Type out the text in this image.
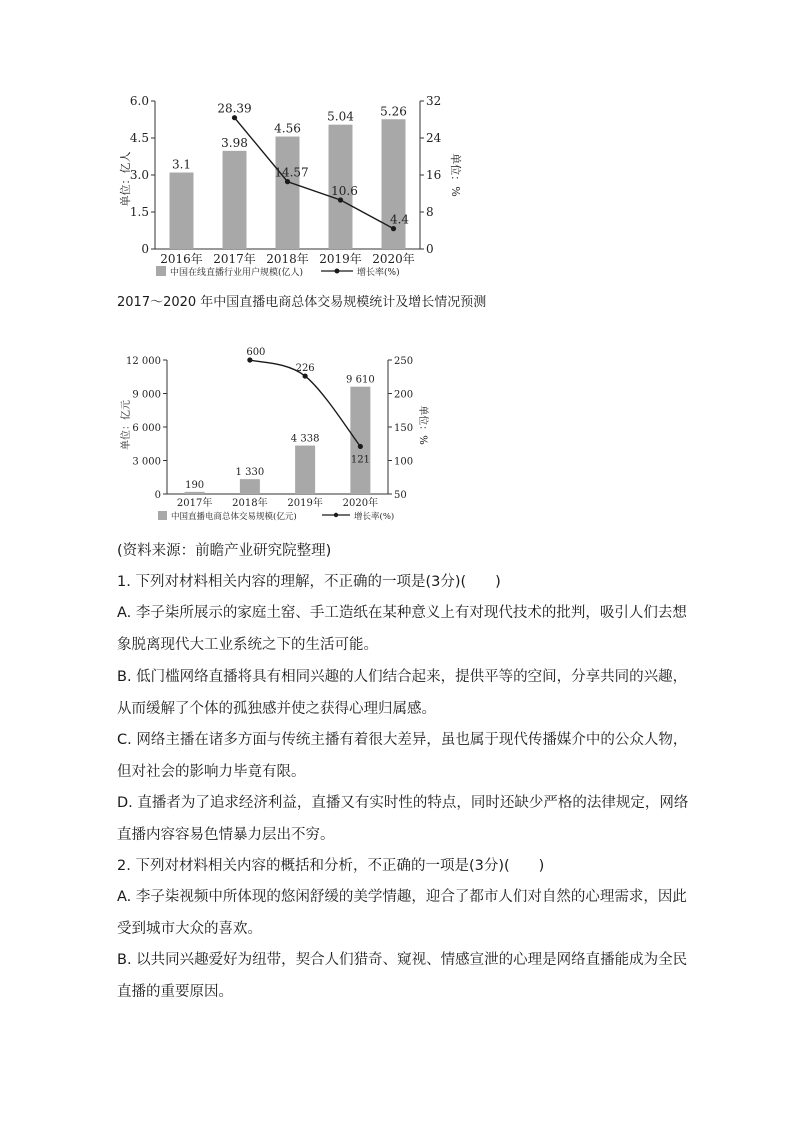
单位：亿人	单位：%
0
1.5
3.0
4.5
6.0
0
8
16
24
32
3.1
3.98
4.56
5.04 5.26
2016年 2017年 2018年 2019年 2020年
28.39
14.57
10.6
4.4
中国在线直播行业用户规模(亿人)	增长率(%)
单位：亿元	单位：%
0
3 000
6 000
9 000
12 000
50
100
150
200
250
190
1 330
4 338
9 610
2017年 2018年 2019年 2020年
600
226
121
中国直播电商总体交易规模(亿元)	增长率(%)
2017～2020 年中国直播电商总体交易规模统计及增长情况预测
(资料来源：前瞻产业研究院整理)
1. 下列对材料相关内容的理解，不正确的一项是(3分)(　　)
A. 李子柒所展示的家庭土窑、手工造纸在某种意义上有对现代技术的批判，吸引人们去想
象脱离现代大工业系统之下的生活可能。
B. 低门槛网络直播将具有相同兴趣的人们结合起来，提供平等的空间，分享共同的兴趣，
从而缓解了个体的孤独感并使之获得心理归属感。
C. 网络主播在诸多方面与传统主播有着很大差异，虽也属于现代传播媒介中的公众人物，
但对社会的影响力毕竟有限。
D. 直播者为了追求经济利益，直播又有实时性的特点，同时还缺少严格的法律规定，网络
直播内容容易色情暴力层出不穷。
2. 下列对材料相关内容的概括和分析，不正确的一项是(3分)(　　)
A. 李子柒视频中所体现的悠闲舒缓的美学情趣，迎合了都市人们对自然的心理需求，因此
受到城市大众的喜欢。
B. 以共同兴趣爱好为纽带，契合人们猎奇、窥视、情感宣泄的心理是网络直播能成为全民
直播的重要原因。
